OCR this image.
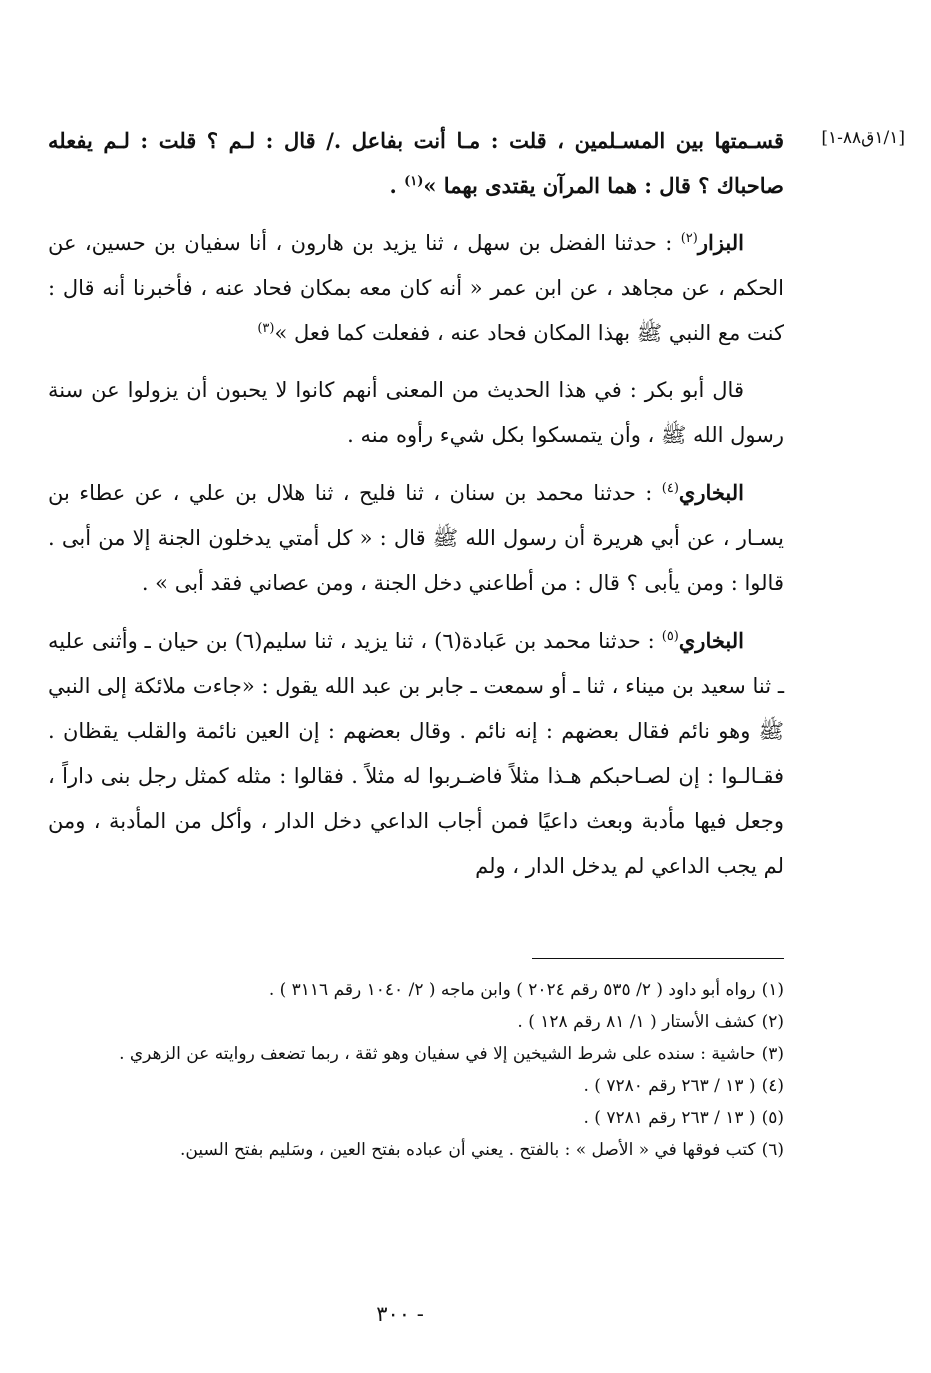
[١/١ق٨٨-١]

قسـمتها بين المسـلمين ، قلت : مـا أنت بفاعل ./ قال : لـم ؟ قلت : لـم يفعله صاحباك ؟ قال : هما المرآن يقتدى بهما »$^{(١)}$ .

البزار$^{(٢)}$ : حدثنا الفضل بن سهل ، ثنا يزيد بن هارون ، أنا سفيان بن حسين، عن الحكم ، عن مجاهد ، عن ابن عمر « أنه كان معه بمكان فحاد عنه ، فأخبرنا أنه قال : كنت مع النبي ﷺ بهذا المكان فحاد عنه ، ففعلت كما فعل »$^{(٣)}$

قال أبو بكر : في هذا الحديث من المعنى أنهم كانوا لا يحبون أن يزولوا عن سنة رسول الله ﷺ ، وأن يتمسكوا بكل شيء رأوه منه .

البخاري$^{(٤)}$ : حدثنا محمد بن سنان ، ثنا فليح ، ثنا هلال بن علي ، عن عطاء بن يسـار ، عن أبي هريرة أن رسول الله ﷺ قال : « كل أمتي يدخلون الجنة إلا من أبى . قالوا : ومن يأبى ؟ قال : من أطاعني دخل الجنة ، ومن عصاني فقد أبى » .

البخاري$^{(٥)}$ : حدثنا محمد بن عَبادة(٦) ، ثنا يزيد ، ثنا سليم(٦) بن حيان ـ وأثنى عليه ـ ثنا سعيد بن ميناء ، ثنا ـ أو سمعت ـ جابر بن عبد الله يقول : «جاءت ملائكة إلى النبي ﷺ وهو نائم فقال بعضهم : إنه نائم . وقال بعضهم : إن العين نائمة والقلب يقظان . فقـالـوا : إن لصـاحبكم هـذا مثلاً فاضـربوا له مثلاً . فقالوا : مثله كمثل رجل بنى داراً ، وجعل فيها مأدبة وبعث داعيًا فمن أجاب الداعي دخل الدار ، وأكل من المأدبة ، ومن لم يجب الداعي لم يدخل الدار ، ولم

(١)
رواه أبو داود ( ٢/ ٥٣٥ رقم ٢٠٢٤ ) وابن ماجه ( ٢/ ١٠٤٠ رقم ٣١١٦ ) .
(٢)
كشف الأستار ( ١/ ٨١ رقم ١٢٨ ) .
(٣)
حاشية : سنده على شرط الشيخين إلا في سفيان وهو ثقة ، ربما تضعف روايته عن الزهري .
(٤)
( ١٣ / ٢٦٣ رقم ٧٢٨٠ ) .
(٥)
( ١٣ / ٢٦٣ رقم ٧٢٨١ ) .
(٦)
كتب فوقها في « الأصل » : بالفتح . يعني أن عباده بفتح العين ، وسَليم بفتح السين.
- ٣٠٠
